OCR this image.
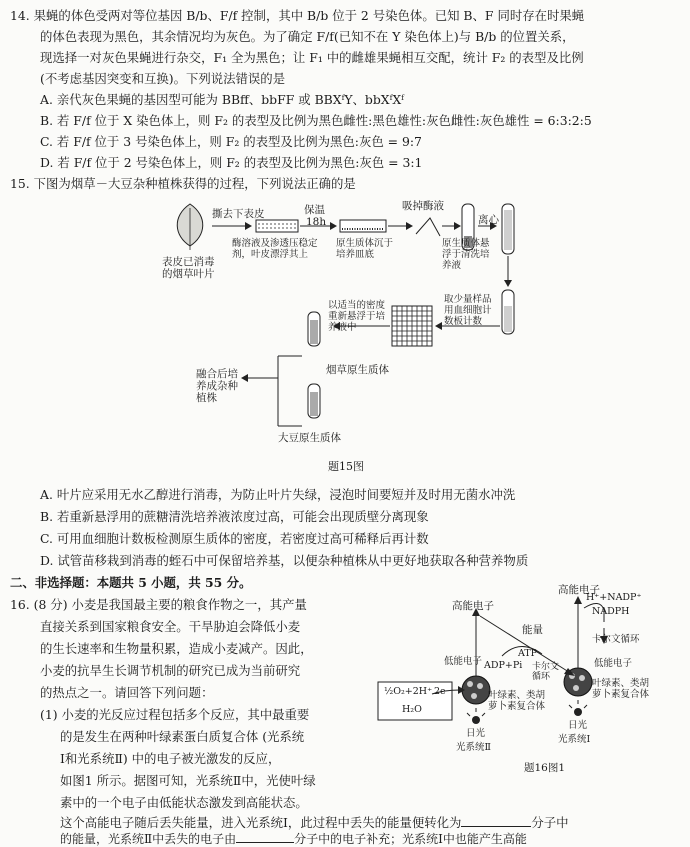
14. 果蝇的体色受两对等位基因 B/b、F/f 控制，其中 B/b 位于 2 号染色体。已知 B、F 同时存在时果蝇
的体色表现为黑色，其余情况均为灰色。为了确定 F/f(已知不在 Y 染色体上)与 B/b 的位置关系，
现选择一对灰色果蝇进行杂交，F₁ 全为黑色；让 F₁ 中的雌雄果蝇相互交配，统计 F₂ 的表型及比例
(不考虑基因突变和互换)。下列说法错误的是
A. 亲代灰色果蝇的基因型可能为 BBff、bbFF 或 BBXᶠY、bbXᶠXᶠ
B. 若 F/f 位于 X 染色体上，则 F₂ 的表型及比例为黑色雌性:黑色雄性:灰色雌性:灰色雄性 = 6:3:2:5
C. 若 F/f 位于 3 号染色体上，则 F₂ 的表型及比例为黑色:灰色 = 9:7
D. 若 F/f 位于 2 号染色体上，则 F₂ 的表型及比例为黑色:灰色 = 3:1
15. 下图为烟草－大豆杂种植株获得的过程，下列说法正确的是
表皮已消毒的烟草叶片
撕去下表皮
酶溶液及渗透压稳定剂，叶皮漂浮其上
保温
18h
原生质体沉于培养皿底
吸掉酶液
离心
原生质体悬浮于清洗培养液
取少量样品用血细胞计数板计数
以适当的密度重新悬浮于培养液中
烟草原生质体
大豆原生质体
融合后培养成杂种植株
题15图
A. 叶片应采用无水乙醇进行消毒，为防止叶片失绿，浸泡时间要短并及时用无菌水冲洗
B. 若重新悬浮用的蔗糖清洗培养液浓度过高，可能会出现质壁分离现象
C. 可用血细胞计数板检测原生质体的密度，若密度过高可稀释后再计数
D. 试管苗移栽到消毒的蛭石中可保留培养基，以便杂种植株从中更好地获取各种营养物质
二、非选择题：本题共 5 小题，共 55 分。
16. (8 分) 小麦是我国最主要的粮食作物之一，其产量
直接关系到国家粮食安全。干旱胁迫会降低小麦
的生长速率和生物量积累，造成小麦减产。因此，
小麦的抗旱生长调节机制的研究已成为当前研究
的热点之一。请回答下列问题：
(1) 小麦的光反应过程包括多个反应，其中最重要
的是发生在两种叶绿素蛋白质复合体 (光系统
Ⅰ和光系统Ⅱ) 中的电子被光激发的反应，
如图1 所示。据图可知，光系统Ⅱ中，光使叶绿
素中的一个电子由低能状态激发到高能状态。
这个高能电子随后丢失能量，进入光系统Ⅰ，此过程中丢失的能量便转化为	分子中
的能量，光系统Ⅱ中丢失的电子由	分子中的电子补充；光系统Ⅰ中也能产生高能
高能电子
高能电子
能量
H⁺+NADP⁺
NADPH
卡尔文循环
低能电子 ADP+Pi
ATP
卡尔文循环
低能电子
½O₂+2H⁺ 2e
H₂O
叶绿素、类胡萝卜素复合体
叶绿素、类胡萝卜素复合体
日光
日光
光系统Ⅱ
光系统Ⅰ
题16图1
